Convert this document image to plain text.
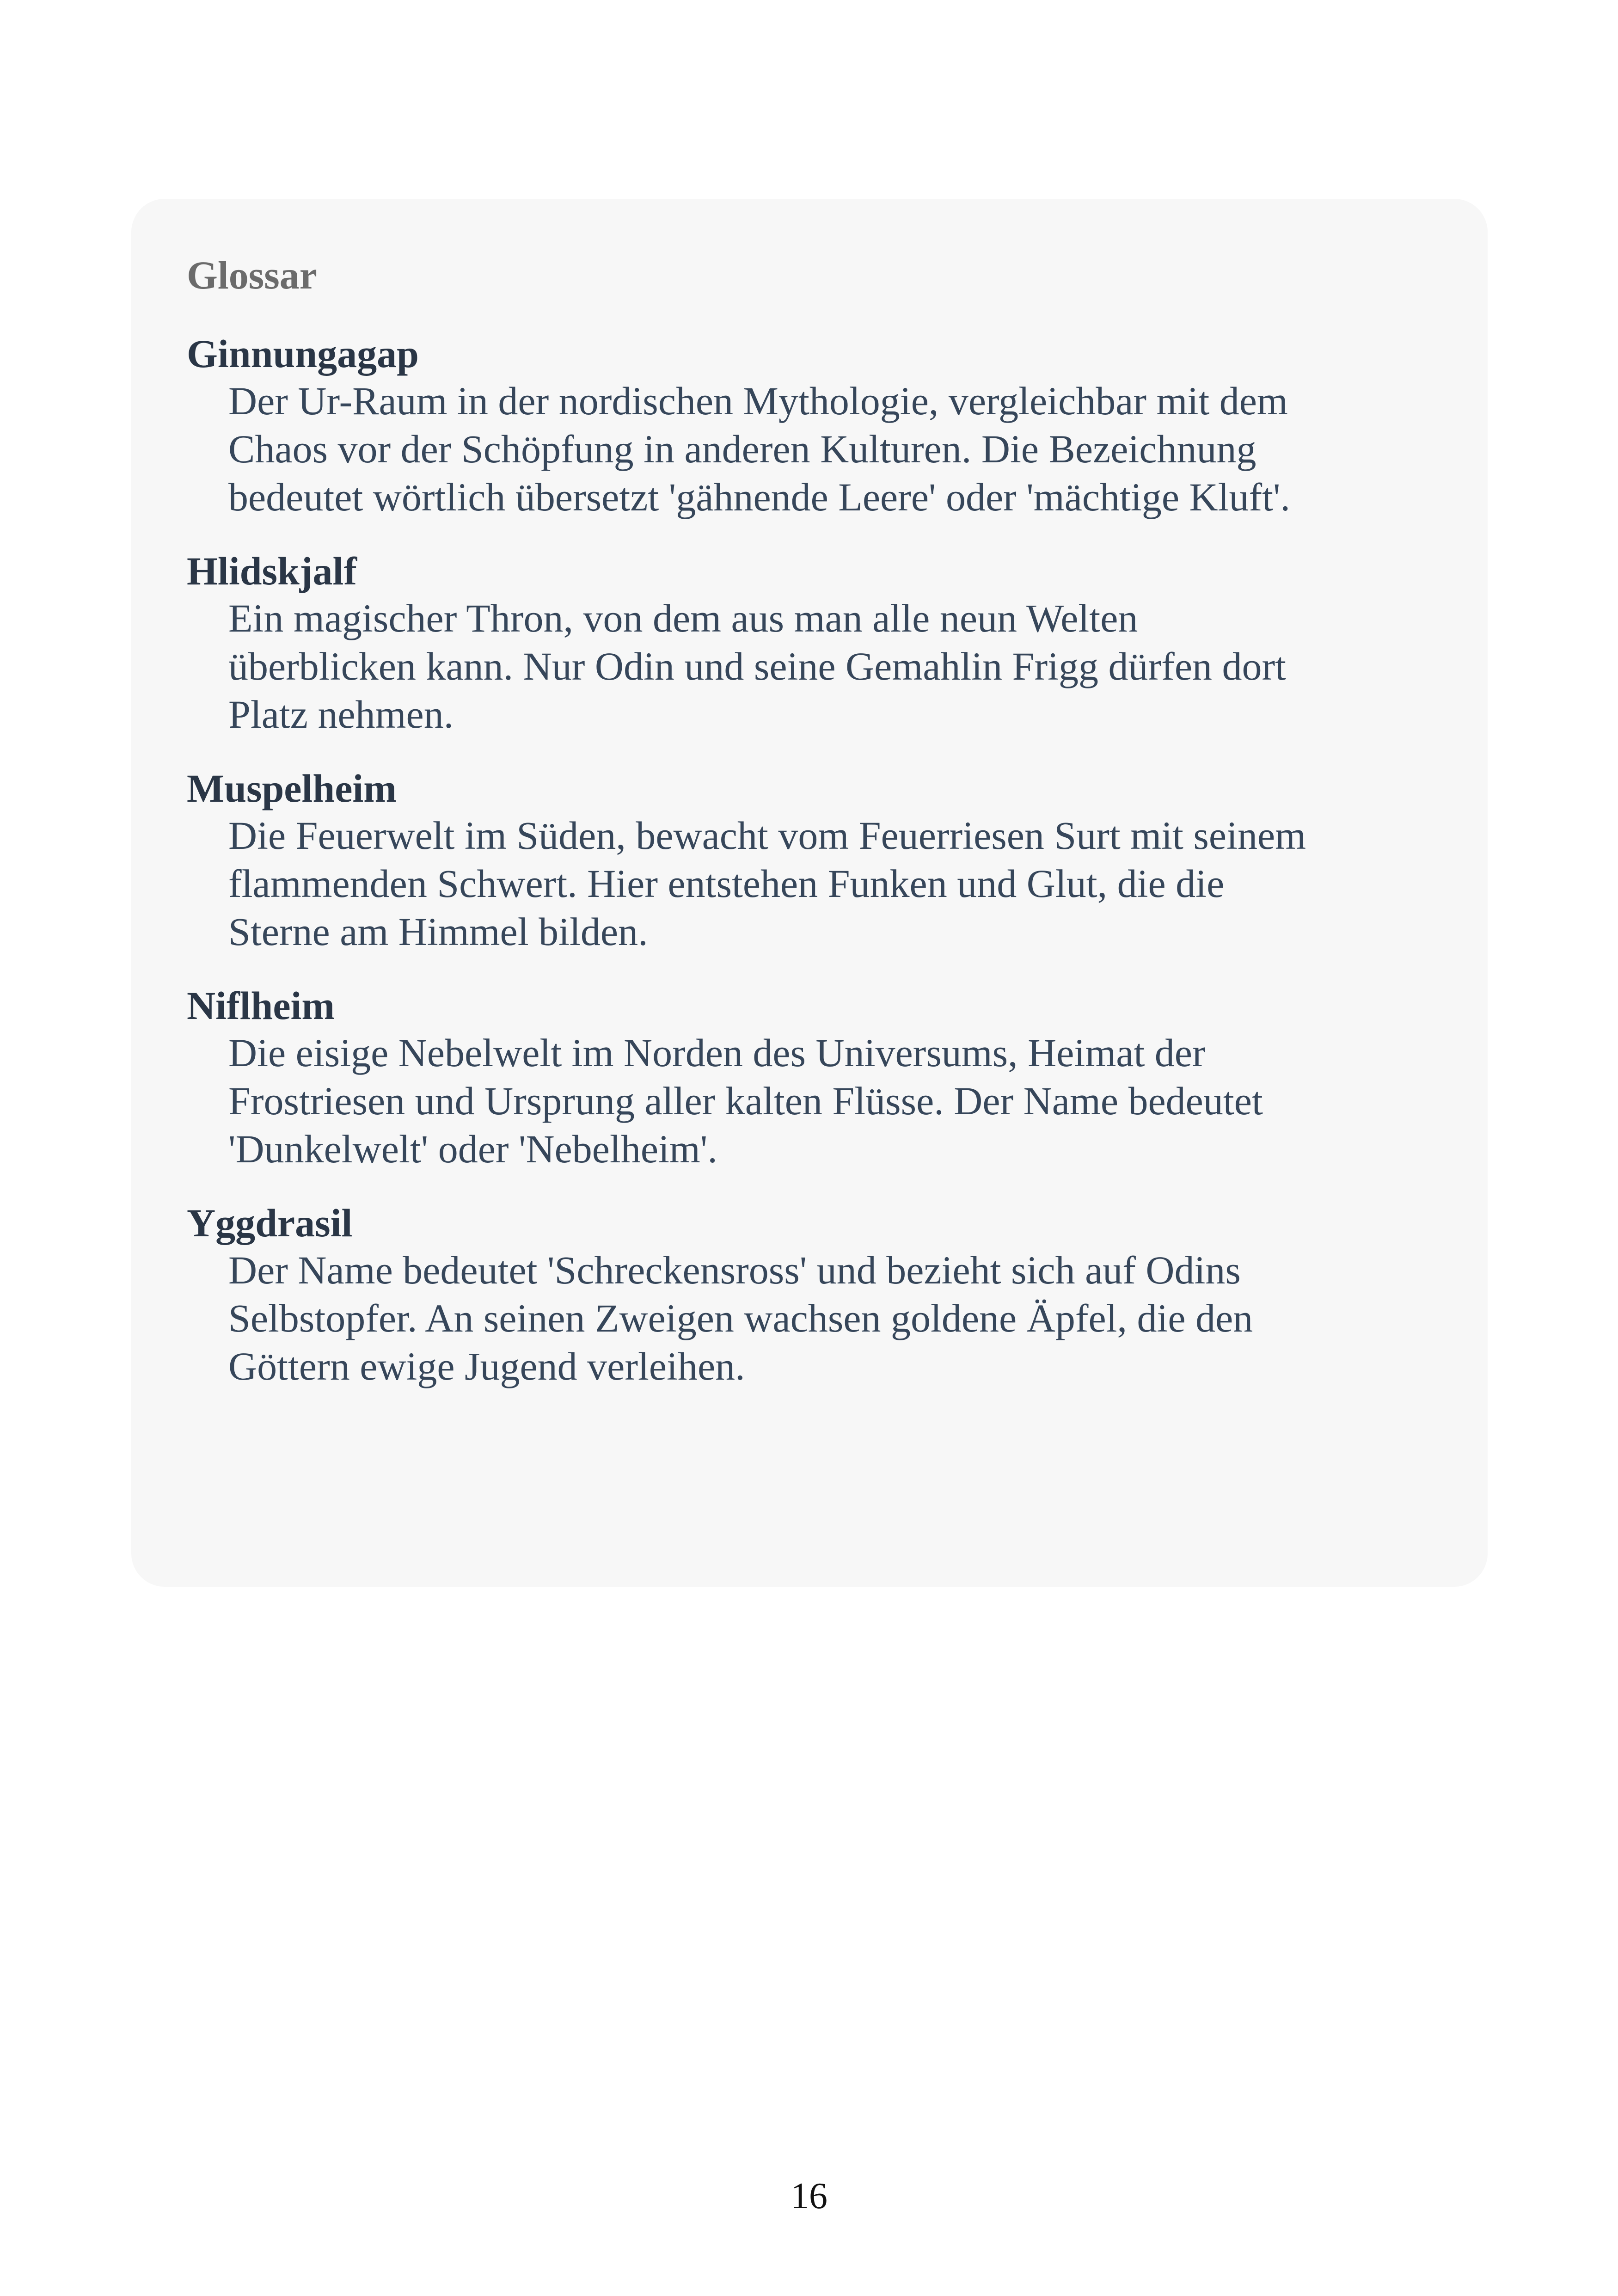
Glossar
Ginnungagap
Der Ur-Raum in der nordischen Mythologie, vergleichbar mit dem
Chaos vor der Schöpfung in anderen Kulturen. Die Bezeichnung
bedeutet wörtlich übersetzt 'gähnende Leere' oder 'mächtige Kluft'.
Hlidskjalf
Ein magischer Thron, von dem aus man alle neun Welten
überblicken kann. Nur Odin und seine Gemahlin Frigg dürfen dort
Platz nehmen.
Muspelheim
Die Feuerwelt im Süden, bewacht vom Feuerriesen Surt mit seinem
flammenden Schwert. Hier entstehen Funken und Glut, die die
Sterne am Himmel bilden.
Niflheim
Die eisige Nebelwelt im Norden des Universums, Heimat der
Frostriesen und Ursprung aller kalten Flüsse. Der Name bedeutet
'Dunkelwelt' oder 'Nebelheim'.
Yggdrasil
Der Name bedeutet 'Schreckensross' und bezieht sich auf Odins
Selbstopfer. An seinen Zweigen wachsen goldene Äpfel, die den
Göttern ewige Jugend verleihen.
16
